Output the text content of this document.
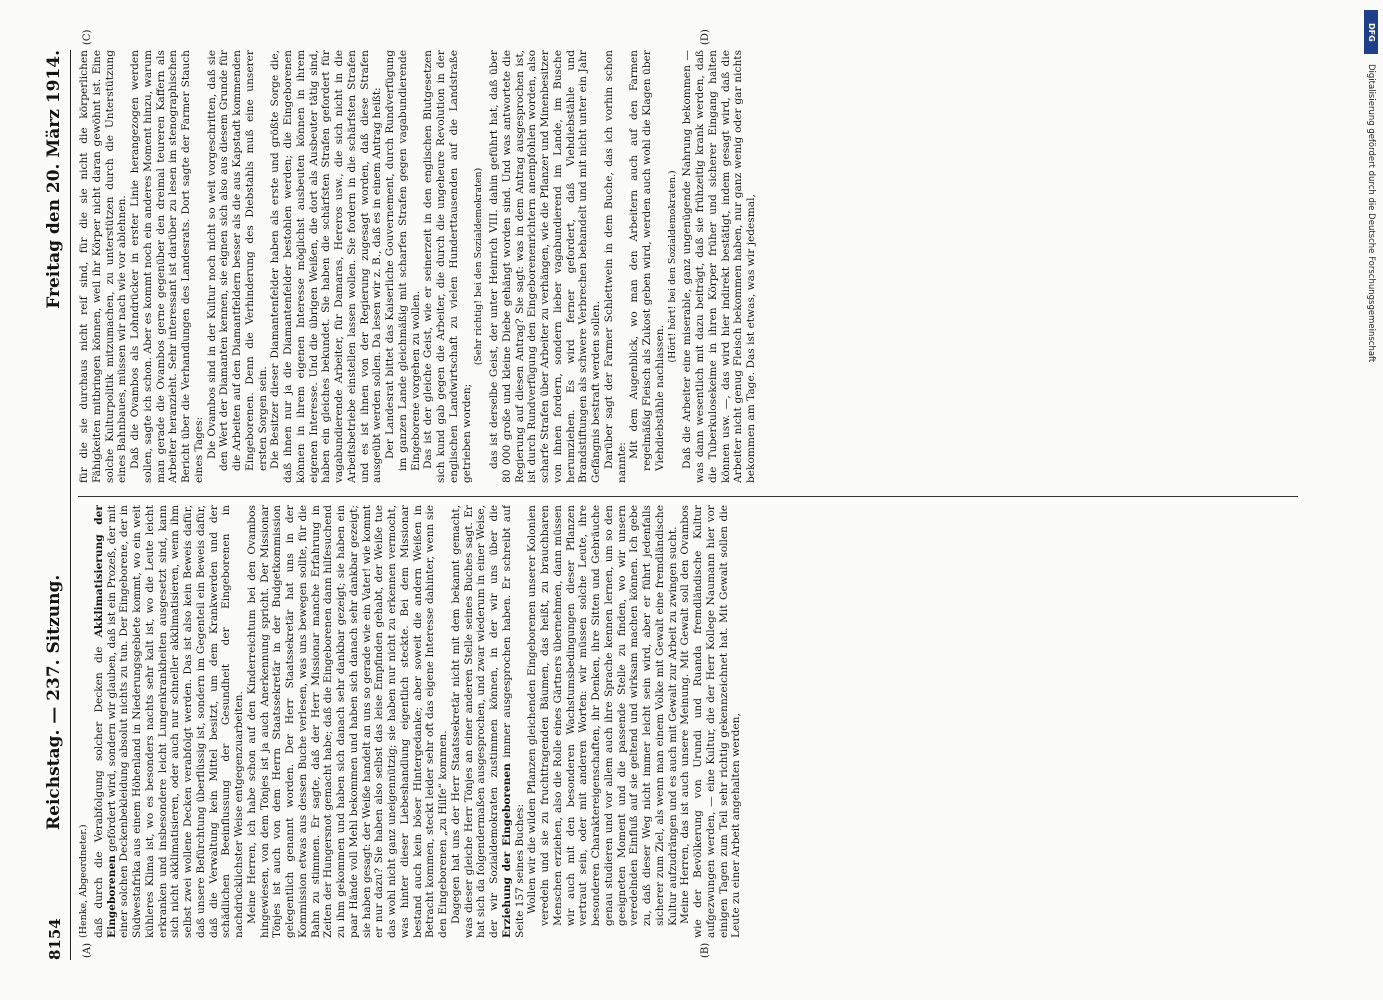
8154
Reichstag. — 237. Sitzung.
Freitag den 20. März 1914.
(A)	(B)
(C)	(D)

(Henke, Abgeordneter.) daß durch die Verabfolgung solcher Decken die Akklimatisierung der Eingeborenen gefördert wird, sondern wir glauben, daß ist ein Prozeß, der mit einer solchen Deckenbekleidung absolut nichts zu tun. Der Eingeborene, der in Südwestafrika aus einem Höhenland in Niederungsgebiete kommt, wo ein weit kühleres Klima ist, wo es besonders nachts sehr kalt ist, wo die Leute leicht erkranken und insbesondere leicht Lungenkrankheiten ausgesetzt sind, kann sich nicht akklimatisieren, oder auch nur schneller akklimatisieren, wenn ihm selbst zwei wollene Decken verabfolgt werden. Das ist also kein Beweis dafür, daß unsere Befürchtung überflüssig ist, sondern im Gegenteil ein Beweis dafür, daß die Verwaltung kein Mittel besitzt, um dem Krankwerden und der schädlichen Beeinflussung der Gesundheit der Eingeborenen in nachdrücklichster Weise entgegenzuarbeiten. Meine Herren, ich habe schon auf den Kinderreichtum bei den Ovambos hingewiesen, von dem Tönjes ist ja auch Anerkennung spricht. Der Missionar Tönjes ist auch von dem Herrn Staatssekretär in der Budgetkommission gelegentlich genannt worden. Der Herr Staatssekretär hat uns in der Kommission etwas aus dessen Buche verlesen, was uns bewegen sollte, für die Bahn zu stimmen. Er sagte, daß der Herr Missionar manche Erfahrung in Zeiten der Hungersnot gemacht habe; daß die Eingeborenen dann hilfesuchend zu ihm gekommen und haben sich danach sehr dankbar gezeigt; sie haben ein paar Hände voll Mehl bekommen und haben sich danach sehr dankbar gezeigt; sie haben gesagt: der Weiße handelt an uns so gerade wie ein Vater! wie kommt er nur dazu? Sie haben also selbst das leise Empfinden gehabt, der Weiße tue das wohl nicht ganz uneigennützig; sie haben nur nicht zu erkennen vermocht, was hinter dieser Liebeshandlung eigentlich steckte. Bei dem Missionar bestand auch kein böser Hintergedanke; aber soweit die andern Weißen in Betracht kommen, steckt leider sehr oft das eigene Interesse dahinter, wenn sie den Eingeborenen „zu Hilfe“ kommen. Dagegen hat uns der Herr Staatssekretär nicht mit dem bekannt gemacht, was dieser gleiche Herr Tönjes an einer anderen Stelle seines Buches sagt. Er hat sich da folgendermaßen ausgesprochen, und zwar wiederum in einer Weise, der wir Sozialdemokraten zustimmen können, in der wir uns über die Erziehung der Eingeborenen immer ausgesprochen haben. Er schreibt auf Seite 157 seines Buches: Wollen wir die wilden Pflanzen gleichenden Eingeborenen unserer Kolonien veredeln und sie zu fruchttragenden Bäumen, das heißt, zu brauchbaren Menschen erziehen, also die Rolle eines Gärtners übernehmen, dann müssen wir auch mit den besonderen Wachstumsbedingungen dieser Pflanzen vertraut sein, oder mit anderen Worten: wir müssen solche Leute, ihre besonderen Charaktereigenschaften, ihr Denken, ihre Sitten und Gebräuche genau studieren und vor allem auch ihre Sprache kennen lernen, um so den geeigneten Moment und die passende Stelle zu finden, wo wir unsern veredelnden Einfluß auf sie geltend und wirksam machen können. Ich gebe zu, daß dieser Weg nicht immer leicht sein wird, aber er führt jedenfalls sicherer zum Ziel, als wenn man einem Volke mit Gewalt eine fremdländische Kultur aufzudrängen und es auch mit Gewalt zur Arbeit zu zwingen sucht. Meine Herren, das ist auch unsere Meinung. Mit Gewalt soll den Ovambos wie der Bevölkerung von Urundi und Ruanda fremdländische Kultur aufgezwungen werden, — eine Kultur, die der Herr Kollege Naumann hier vor einigen Tagen zum Teil sehr richtig gekennzeichnet hat. Mit Gewalt sollen die Leute zu einer Arbeit angehalten werden,

für die sie durchaus nicht reif sind, für die sie nicht die körperlichen Fähigkeiten mitbringen können, weil ihr Körper nicht daran gewöhnt ist. Eine solche Kulturpolitik mitzumachen, zu unterstützen durch die Unterstützung eines Bahnbaues, müssen wir nach wie vor ablehnen. Daß die Ovambos als Lohndrücker in erster Linie herangezogen werden sollen, sagte ich schon. Aber es kommt noch ein anderes Moment hinzu, warum man gerade die Ovambos gerne gegenüber den dreimal teureren Kaffern als Arbeiter heranzieht. Sehr interessant ist darüber zu lesen im stenographischen Bericht über die Verhandlungen des Landesrats. Dort sagte der Farmer Stauch eines Tages: Die Ovambos sind in der Kultur noch nicht so weit vorgeschritten, daß sie den Wert der Diamanten kennen, sie eignen sich also aus diesem Grunde für die Arbeiten auf den Diamantfeldern besser als die aus Kapstadt kommenden Eingeborenen. Denn die Verhinderung des Diebstahls muß eine unserer ersten Sorgen sein. Die Besitzer dieser Diamantenfelder haben als erste und größte Sorge die, daß ihnen nur ja die Diamantenfelder bestohlen werden; die Eingeborenen können in ihrem eigenen Interesse möglichst ausbeuten können in ihrem eigenen Interesse. Und die übrigen Weißen, die dort als Ausbeuter tätig sind, haben ein gleiches bekundet. Sie haben die schärfsten Strafen gefordert für vagabundierende Arbeiter, für Damaras, Hereros usw., die sich nicht in die Arbeitsbetriebe einstellen lassen wollen. Sie fordern in die schärfsten Strafen und es ist ihnen von der Regierung zugesagt worden, daß diese Strafen ausgeübt werden sollen. Da lesen wir z. B., daß es in einem Antrag heißt: Der Landesrat bittet das Kaiserliche Gouvernement, durch Rundverfügung im ganzen Lande gleichmäßig mit scharfen Strafen gegen vagabundierende Eingeborene vorgehen zu wollen. Das ist der gleiche Geist, wie er seinerzeit in den englischen Blutgesetzen sich kund gab gegen die Arbeiter, die durch die ungeheure Revolution in der englischen Landwirtschaft zu vielen Hunderttausenden auf die Landstraße getrieben worden;

(Sehr richtig! bei den Sozialdemokraten) das ist derselbe Geist, der unter Heinrich VIII. dahin geführt hat, daß über 80 000 große und kleine Diebe gehängt worden sind. Und was antwortete die Regierung auf diesen Antrag? Sie sagt: was in dem Antrag ausgesprochen ist, ist durch Rundverfügung den Eingeborenenrichtern anempfohlen worden, also scharfe Strafen über Arbeiter zu verhängen, wie die Pflanzer und Minenbesitzer von ihnen fordern, sondern lieber vagabundierend im Lande, im Busche herumziehen. Es wird ferner gefordert, daß Viehdiebstähle und Brandstiftungen als schwere Verbrechen behandelt und mit nicht unter ein Jahr Gefängnis bestraft werden sollen. Darüber sagt der Farmer Schlettwein in dem Buche, das ich vorhin schon nannte:

Mit dem Augenblick, wo man den Arbeitern auch auf den Farmen regelmäßig Fleisch als Zukost geben wird, werden auch wohl die Klagen über Viehdiebstähle nachlassen.

(Hört! hört! bei den Sozialdemokraten.) Daß die Arbeiter eine miserable, ganz ungenügende Nahrung bekommen — was dann wesentlich mit dazu beiträgt, daß sie frühzeitig krank werden, daß die Tuberkulosekeime in ihren Körper früher und sicherer Eingang halten können usw. —, das wird hier indirekt bestätigt, indem gesagt wird, daß die Arbeiter nicht genug Fleisch bekommen haben, nur ganz wenig oder gar nichts bekommen am Tage. Das ist etwas, was wir jedesmal,

DFG
Digitalisierung gefördert durch die Deutsche Forschungsgemeinschaft
